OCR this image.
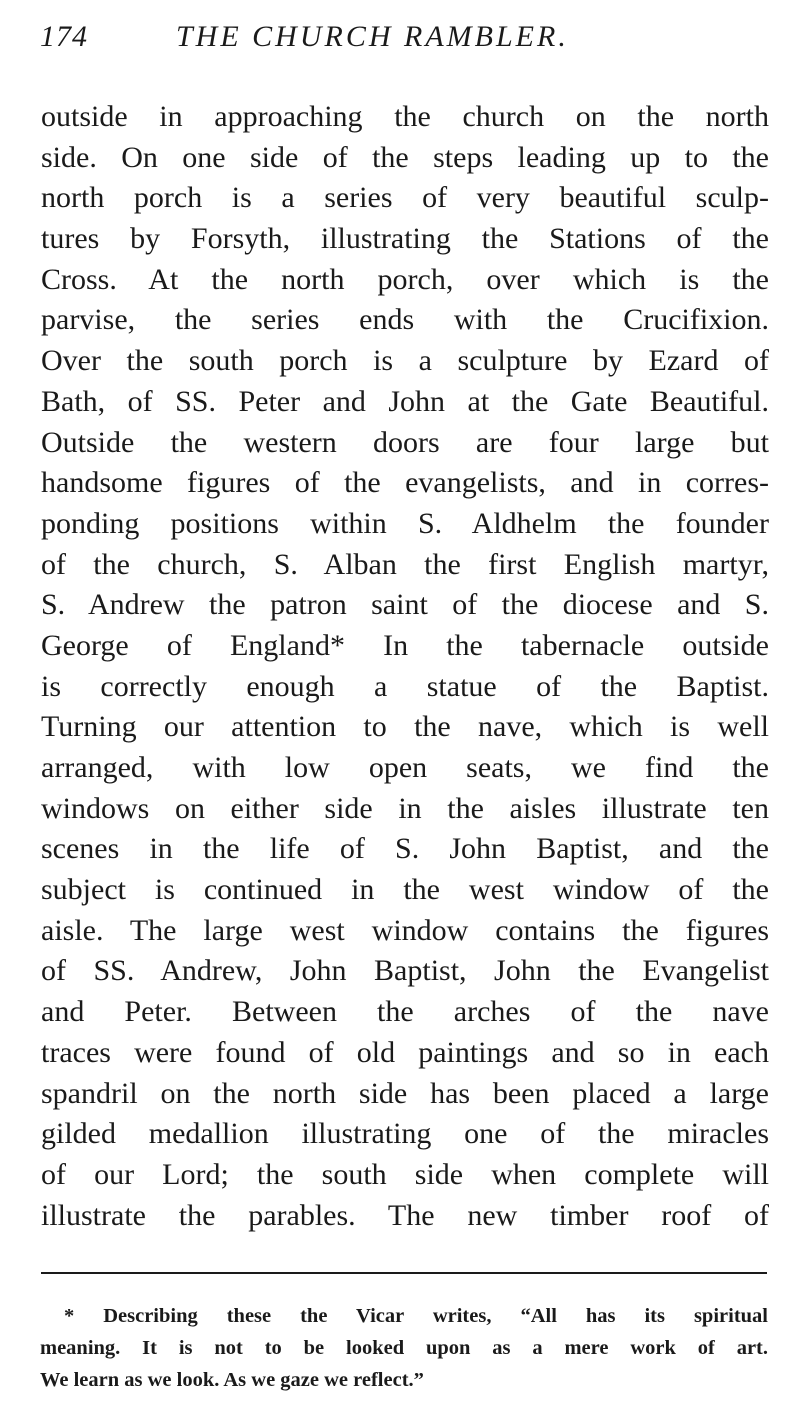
174	THE CHURCH RAMBLER.
outside in approaching the church on the north
side. On one side of the steps leading up to the
north porch is a series of very beautiful sculp-
tures by Forsyth, illustrating the Stations of the
Cross. At the north porch, over which is the
parvise, the series ends with the Crucifixion.
Over the south porch is a sculpture by Ezard of
Bath, of SS. Peter and John at the Gate Beautiful.
Outside the western doors are four large but
handsome figures of the evangelists, and in corres-
ponding positions within S. Aldhelm the founder
of the church, S. Alban the first English martyr,
S. Andrew the patron saint of the diocese and S.
George of England* In the tabernacle outside
is correctly enough a statue of the Baptist.
Turning our attention to the nave, which is well
arranged, with low open seats, we find the
windows on either side in the aisles illustrate ten
scenes in the life of S. John Baptist, and the
subject is continued in the west window of the
aisle. The large west window contains the figures
of SS. Andrew, John Baptist, John the Evangelist
and Peter. Between the arches of the nave
traces were found of old paintings and so in each
spandril on the north side has been placed a large
gilded medallion illustrating one of the miracles
of our Lord; the south side when complete will
illustrate the parables. The new timber roof of
* Describing these the Vicar writes, “All has its spiritual
meaning. It is not to be looked upon as a mere work of art.
We learn as we look. As we gaze we reflect.”
